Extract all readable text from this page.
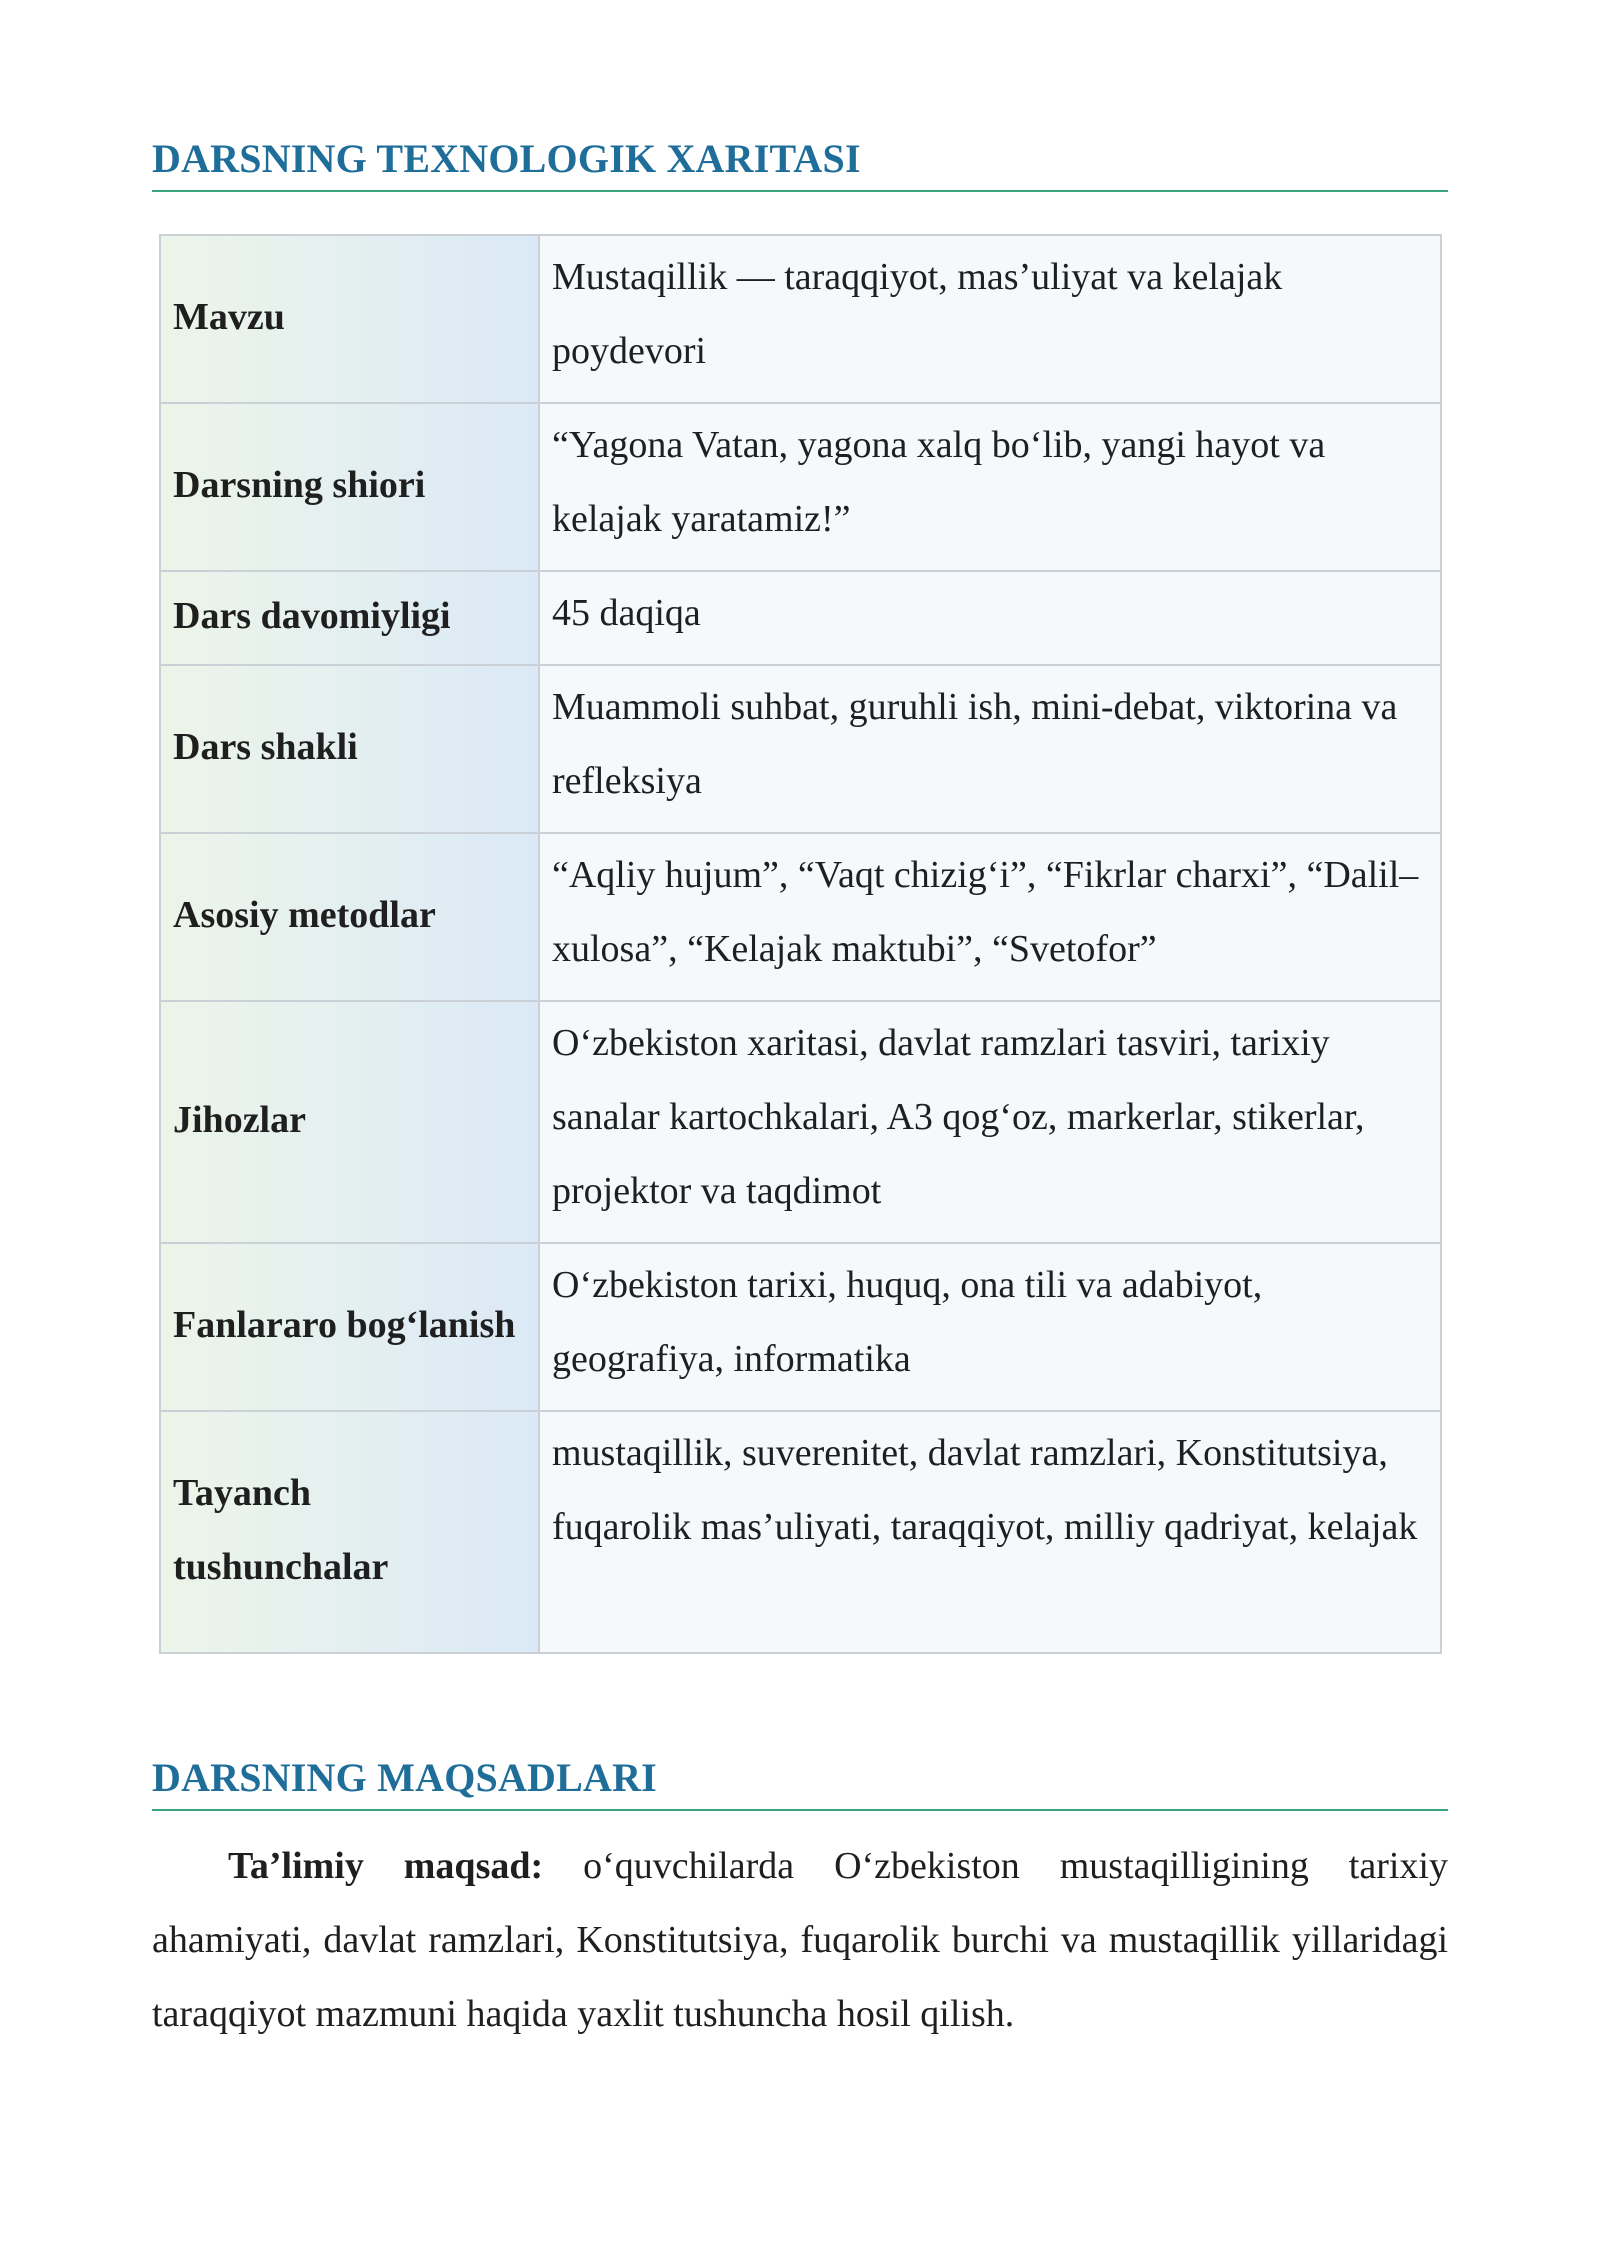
DARSNING TEXNOLOGIK XARITASI
Mavzu	Mustaqillik — taraqqiyot, mas’uliyat va kelajak poydevori
Darsning shiori	“Yagona Vatan, yagona xalq bo‘lib, yangi hayot va kelajak yaratamiz!”
Dars davomiyligi	45 daqiqa
Dars shakli	Muammoli suhbat, guruhli ish, mini-debat, viktorina va refleksiya
Asosiy metodlar	“Aqliy hujum”, “Vaqt chizig‘i”, “Fikrlar charxi”, “Dalil–xulosa”, “Kelajak maktubi”, “Svetofor”
Jihozlar	O‘zbekiston xaritasi, davlat ramzlari tasviri, tarixiy sanalar kartochkalari, A3 qog‘oz, markerlar, stikerlar, projektor va taqdimot
Fanlararo bog‘lanish	O‘zbekiston tarixi, huquq, ona tili va adabiyot, geografiya, informatika
Tayanch tushunchalar	mustaqillik, suverenitet, davlat ramzlari, Konstitutsiya, fuqarolik mas’uliyati, taraqqiyot, milliy qadriyat, kelajak
DARSNING MAQSADLARI

Ta’limiy maqsad: o‘quvchilarda O‘zbekiston mustaqilligining tarixiy ahamiyati, davlat ramzlari, Konstitutsiya, fuqarolik burchi va mustaqillik yillaridagi taraqqiyot mazmuni haqida yaxlit tushuncha hosil qilish.
